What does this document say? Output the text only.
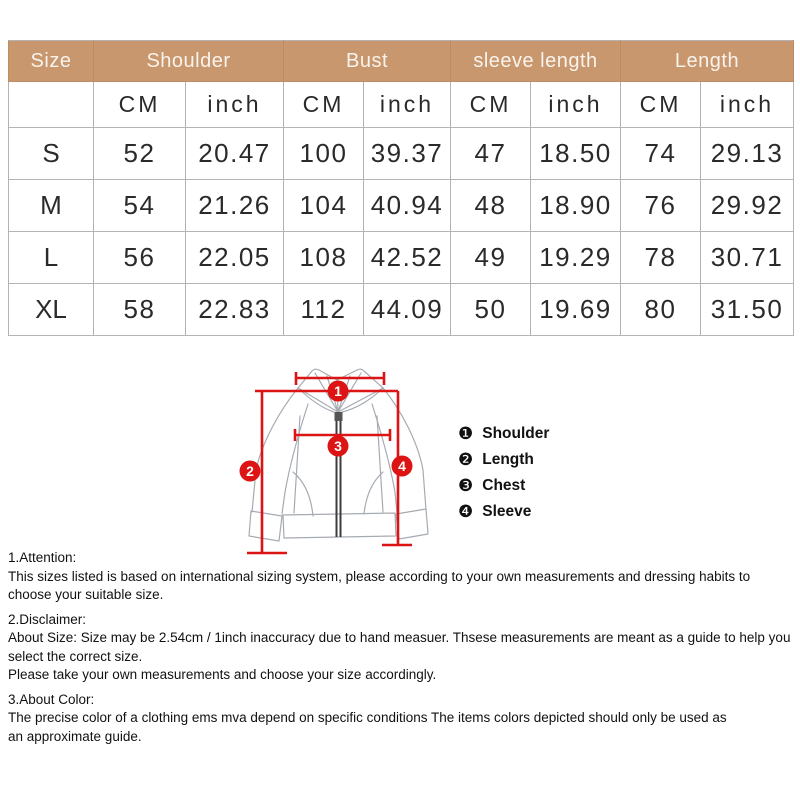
Size	Shoulder		Bust		sleeve length		Length	
	CM	inch	CM	inch	CM	inch	CM	inch
S	52	20.47	100	39.37	47	18.50	74	29.13
M	54	21.26	104	40.94	48	18.90	76	29.92
L	56	22.05	108	42.52	49	19.29	78	30.71
XL	58	22.83	112	44.09	50	19.69	80	31.50
1
2
3
4
❶ Shoulder
❷ Length
❸ Chest
❹ Sleeve
1.Attention:
This sizes listed is based on international sizing system, please according to your own measurements and dressing habits to choose your suitable size.
2.Disclaimer:
About Size: Size may be 2.54cm / 1inch inaccuracy due to hand measuer. Thsese measurements are meant as a guide to help you select the correct size.
Please take your own measurements and choose your size accordingly.
3.About Color:
The precise color of a clothing ems mva depend on specific conditions The items colors depicted should only be used as
an approximate guide.
